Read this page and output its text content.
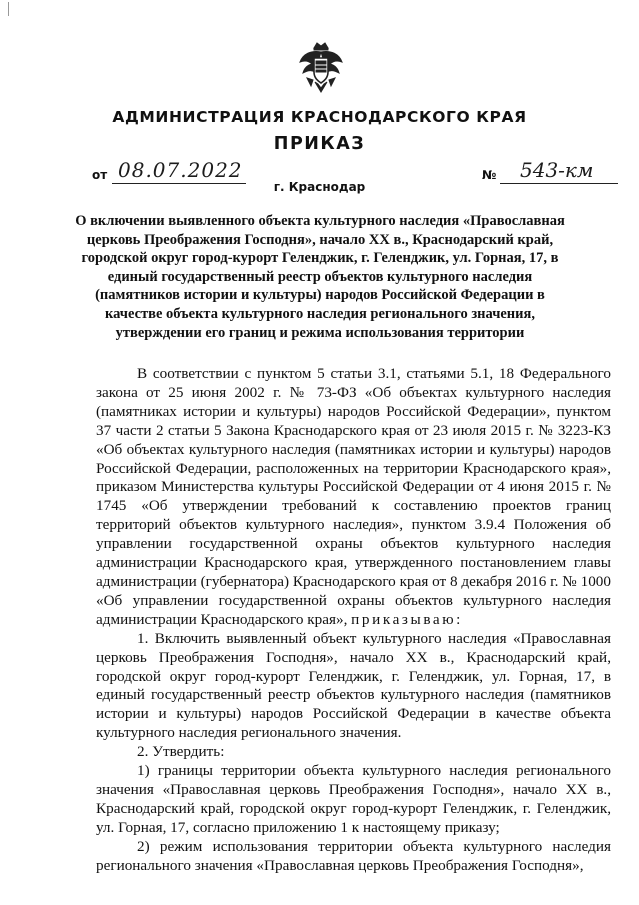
АДМИНИСТРАЦИЯ КРАСНОДАРСКОГО КРАЯ
ПРИКАЗ
от 08.07.2022	№ 543-км
г. Краснодар
О включении выявленного объекта культурного наследия «Православная церковь Преображения Господня», начало XX в., Краснодарский край, городской округ город-курорт Геленджик, г. Геленджик, ул. Горная, 17, в единый государственный реестр объектов культурного наследия (памятников истории и культуры) народов Российской Федерации в качестве объекта культурного наследия регионального значения, утверждении его границ и режима использования территории

В соответствии с пунктом 5 статьи 3.1, статьями 5.1, 18 Федерального закона от 25 июня 2002 г. № 73-ФЗ «Об объектах культурного наследия (памятниках истории и культуры) народов Российской Федерации», пунктом 37 части 2 статьи 5 Закона Краснодарского края от 23 июля 2015 г. № 3223-КЗ «Об объектах культурного наследия (памятниках истории и культуры) народов Российской Федерации, расположенных на территории Краснодарского края», приказом Министерства культуры Российской Федерации от 4 июня 2015 г. № 1745 «Об утверждении требований к составлению проектов границ территорий объектов культурного наследия», пунктом 3.9.4 Положения об управлении государственной охраны объектов культурного наследия администрации Краснодарского края, утвержденного постановлением главы администрации (губернатора) Краснодарского края от 8 декабря 2016 г. № 1000 «Об управлении государственной охраны объектов культурного наследия администрации Краснодарского края», приказываю:

1. Включить выявленный объект культурного наследия «Православная церковь Преображения Господня», начало XX в., Краснодарский край, городской округ город-курорт Геленджик, г. Геленджик, ул. Горная, 17, в единый государственный реестр объектов культурного наследия (памятников истории и культуры) народов Российской Федерации в качестве объекта культурного наследия регионального значения.

2. Утвердить:

1) границы территории объекта культурного наследия регионального значения «Православная церковь Преображения Господня», начало XX в., Краснодарский край, городской округ город-курорт Геленджик, г. Геленджик, ул. Горная, 17, согласно приложению 1 к настоящему приказу;

2) режим использования территории объекта культурного наследия регионального значения «Православная церковь Преображения Господня»,
